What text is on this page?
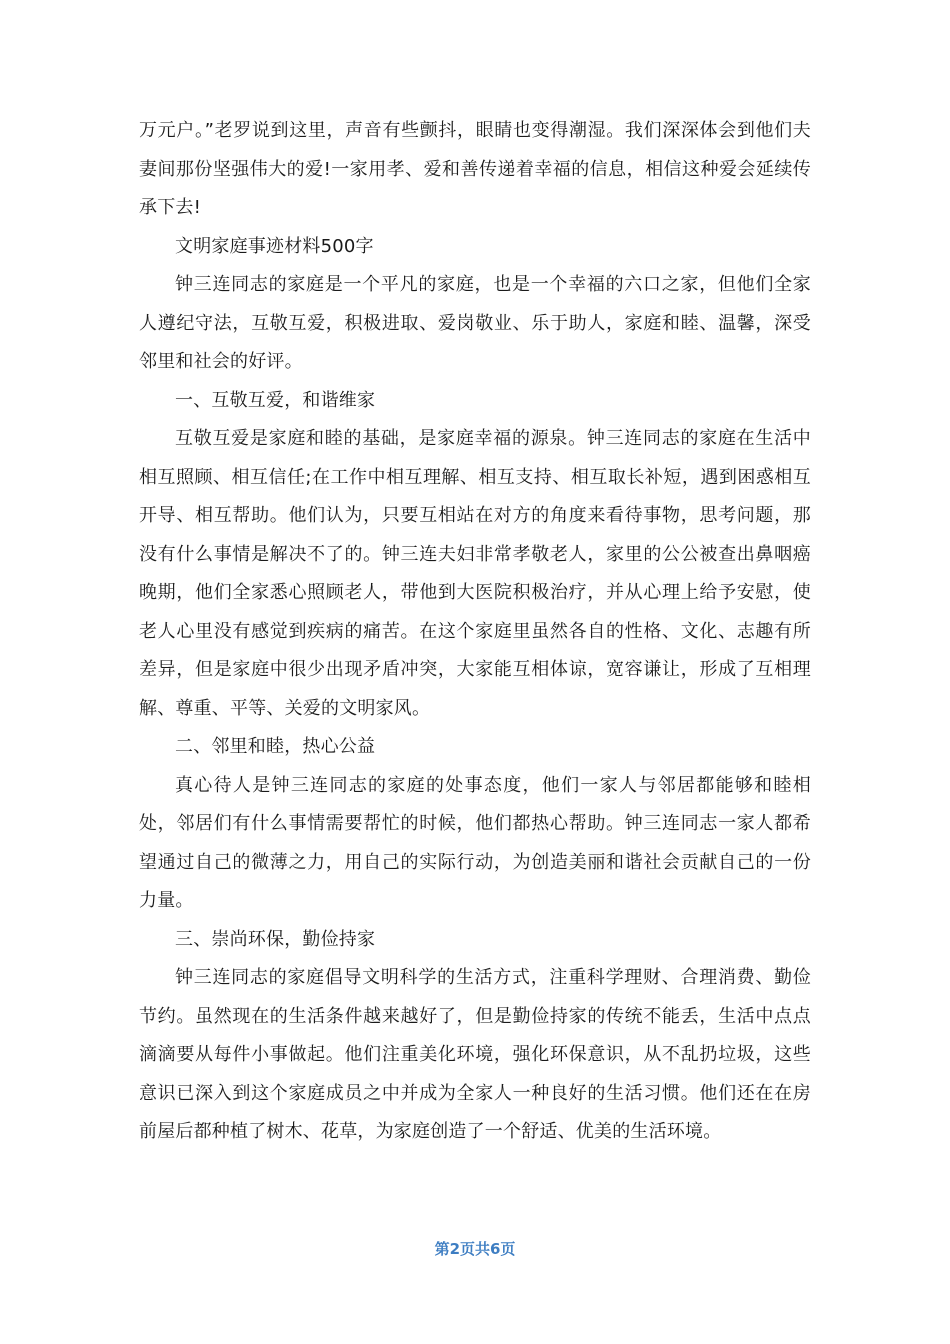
万元户。”老罗说到这里，声音有些颤抖，眼睛也变得潮湿。我们深深体会到他们夫妻间那份坚强伟大的爱!一家用孝、爱和善传递着幸福的信息，相信这种爱会延续传承下去!

文明家庭事迹材料500字

钟三连同志的家庭是一个平凡的家庭，也是一个幸福的六口之家，但他们全家人遵纪守法，互敬互爱，积极进取、爱岗敬业、乐于助人，家庭和睦、温馨，深受邻里和社会的好评。

一、互敬互爱，和谐维家

互敬互爱是家庭和睦的基础，是家庭幸福的源泉。钟三连同志的家庭在生活中相互照顾、相互信任;在工作中相互理解、相互支持、相互取长补短，遇到困惑相互开导、相互帮助。他们认为，只要互相站在对方的角度来看待事物，思考问题，那没有什么事情是解决不了的。钟三连夫妇非常孝敬老人，家里的公公被查出鼻咽癌晚期，他们全家悉心照顾老人，带他到大医院积极治疗，并从心理上给予安慰，使老人心里没有感觉到疾病的痛苦。在这个家庭里虽然各自的性格、文化、志趣有所差异，但是家庭中很少出现矛盾冲突，大家能互相体谅，宽容谦让，形成了互相理解、尊重、平等、关爱的文明家风。

二、邻里和睦，热心公益

真心待人是钟三连同志的家庭的处事态度，他们一家人与邻居都能够和睦相处，邻居们有什么事情需要帮忙的时候，他们都热心帮助。钟三连同志一家人都希望通过自己的微薄之力，用自己的实际行动，为创造美丽和谐社会贡献自己的一份力量。

三、崇尚环保，勤俭持家

钟三连同志的家庭倡导文明科学的生活方式，注重科学理财、合理消费、勤俭节约。虽然现在的生活条件越来越好了，但是勤俭持家的传统不能丢，生活中点点滴滴要从每件小事做起。他们注重美化环境，强化环保意识，从不乱扔垃圾，这些意识已深入到这个家庭成员之中并成为全家人一种良好的生活习惯。他们还在在房前屋后都种植了树木、花草，为家庭创造了一个舒适、优美的生活环境。

第2页共6页
